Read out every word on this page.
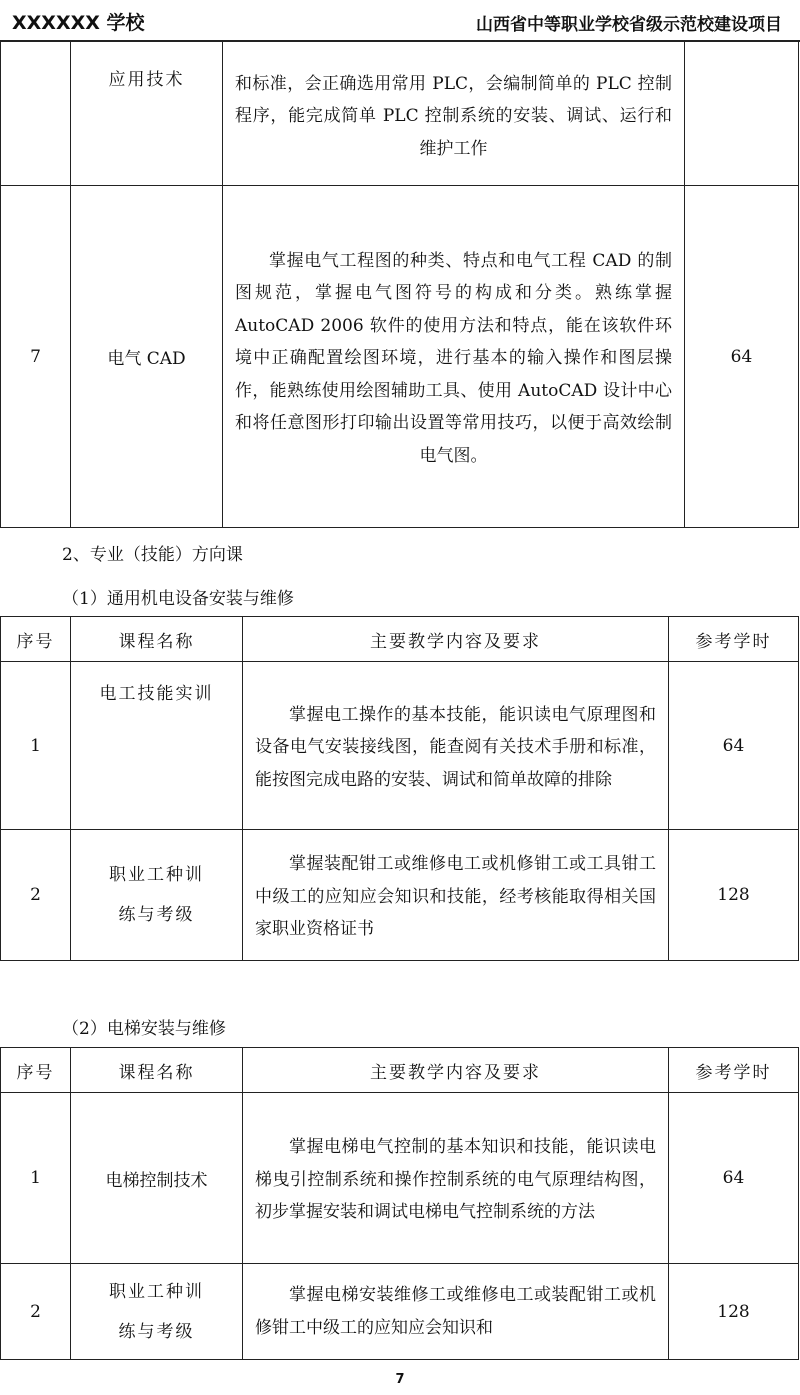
XXXXXX 学校	山西省中等职业学校省级示范校建设项目
	应用技术	和标准，会正确选用常用 PLC，会编制简单的 PLC 控制程序，能完成简单 PLC 控制系统的安装、调试、运行和维护工作	
7	电气 CAD	掌握电气工程图的种类、特点和电气工程 CAD 的制图规范，掌握电气图符号的构成和分类。熟练掌握 AutoCAD 2006 软件的使用方法和特点，能在该软件环境中正确配置绘图环境，进行基本的输入操作和图层操作，能熟练使用绘图辅助工具、使用 AutoCAD 设计中心和将任意图形打印输出设置等常用技巧，以便于高效绘制电气图。	64
2、专业（技能）方向课
（1）通用机电设备安装与维修
序号	课程名称	主要教学内容及要求	参考学时
1	电工技能实训	掌握电工操作的基本技能，能识读电气原理图和设备电气安装接线图，能查阅有关技术手册和标准，能按图完成电路的安装、调试和简单故障的排除	64
2	职业工种训练与考级	掌握装配钳工或维修电工或机修钳工或工具钳工中级工的应知应会知识和技能，经考核能取得相关国家职业资格证书	128
（2）电梯安装与维修
序号	课程名称	主要教学内容及要求	参考学时
1	电梯控制技术	掌握电梯电气控制的基本知识和技能，能识读电梯曳引控制系统和操作控制系统的电气原理结构图，初步掌握安装和调试电梯电气控制系统的方法	64
2	职业工种训练与考级	掌握电梯安装维修工或维修电工或装配钳工或机修钳工中级工的应知应会知识和	128
7
